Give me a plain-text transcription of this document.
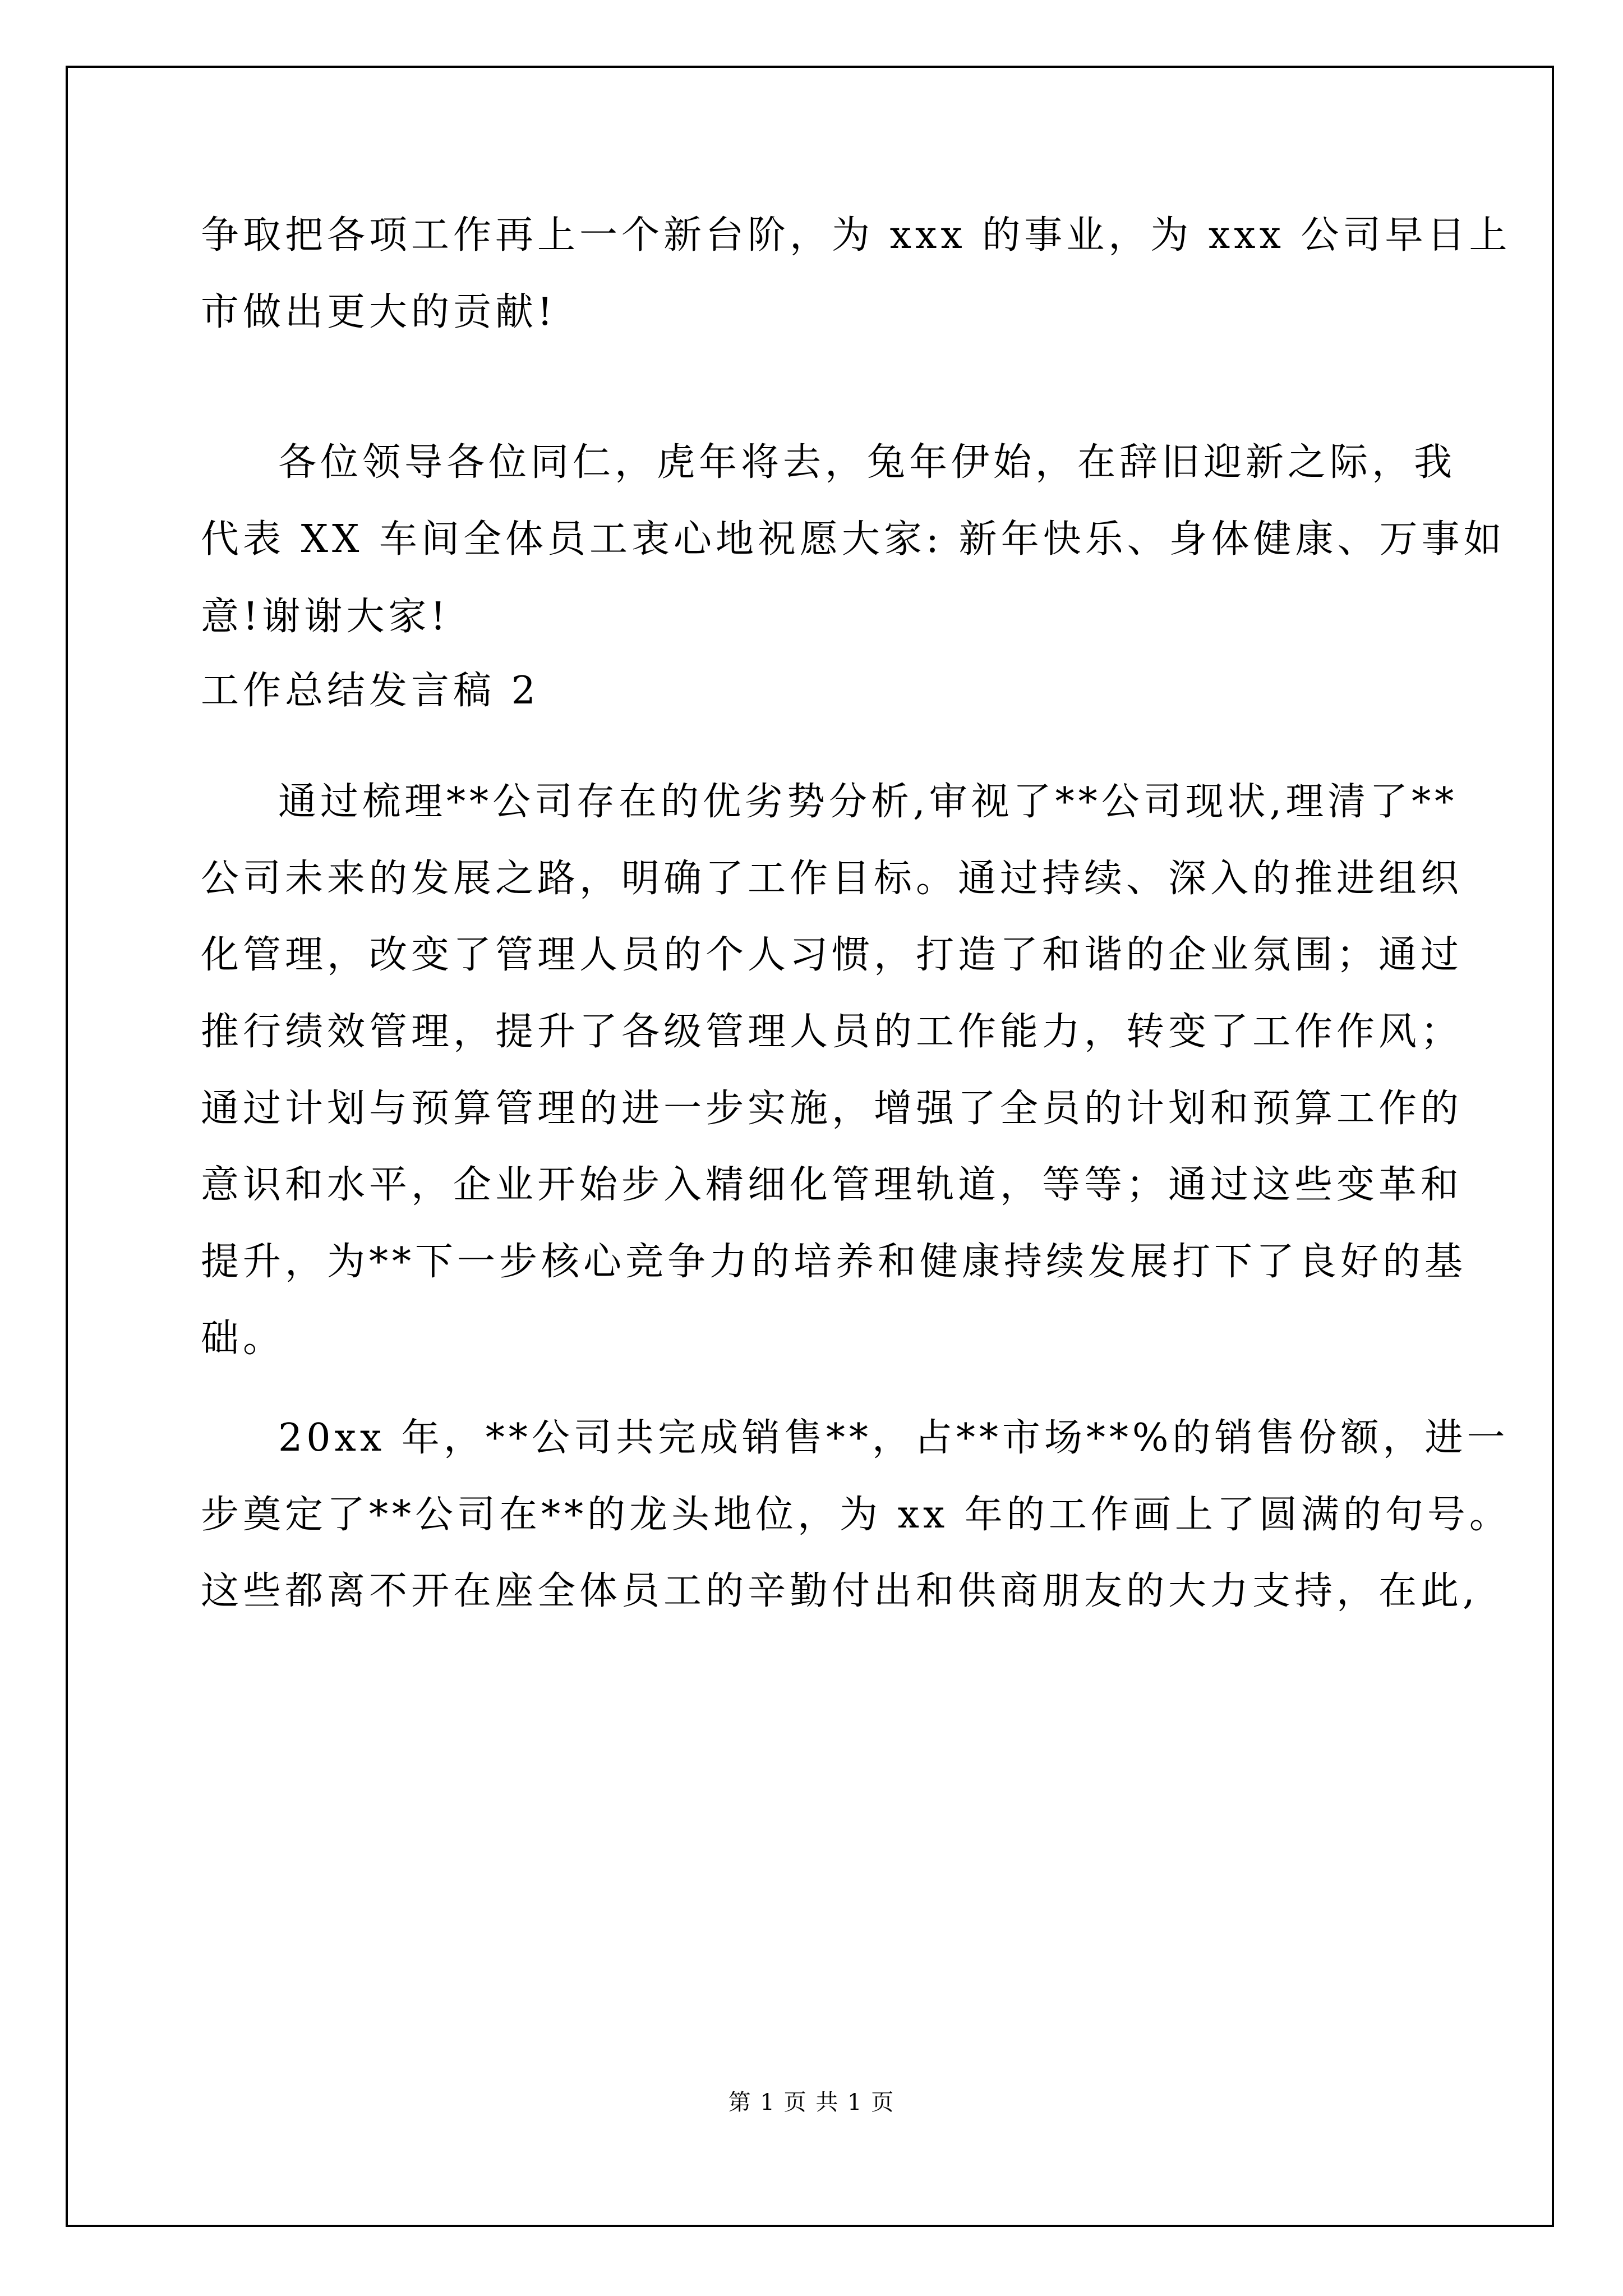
争取把各项工作再上一个新台阶，为 xxx 的事业，为 xxx 公司早日上
市做出更大的贡献!
各位领导各位同仁，虎年将去，兔年伊始，在辞旧迎新之际，我
代表 XX 车间全体员工衷心地祝愿大家: 新年快乐、身体健康、万事如
意!谢谢大家!
工作总结发言稿 2
通过梳理**公司存在的优劣势分析,审视了**公司现状,理清了**
公司未来的发展之路，明确了工作目标。通过持续、深入的推进组织
化管理，改变了管理人员的个人习惯，打造了和谐的企业氛围；通过
推行绩效管理，提升了各级管理人员的工作能力，转变了工作作风；
通过计划与预算管理的进一步实施，增强了全员的计划和预算工作的
意识和水平，企业开始步入精细化管理轨道，等等；通过这些变革和
提升，为**下一步核心竞争力的培养和健康持续发展打下了良好的基
础。
20xx 年，**公司共完成销售**，占**市场**%的销售份额，进一
步奠定了**公司在**的龙头地位，为 xx 年的工作画上了圆满的句号。
这些都离不开在座全体员工的辛勤付出和供商朋友的大力支持，在此,
第 1 页 共 1 页
